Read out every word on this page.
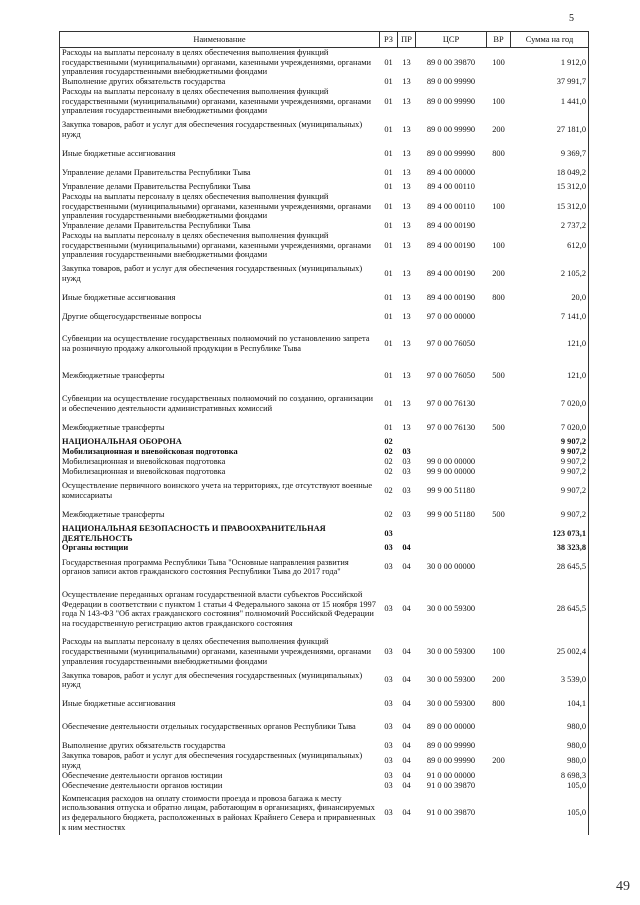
5
Наименование	РЗ	ПР	ЦСР	ВР	Сумма на год
Расходы на выплаты персоналу в целях обеспечения выполнения функций государственными (муниципальными) органами, казенными учреждениями, органами управления государственными внебюджетными фондами	01	13	89 0 00 39870	100	1 912,0
Выполнение других обязательств государства	01	13	89 0 00 99990		37 991,7
Расходы на выплаты персоналу в целях обеспечения выполнения функций государственными (муниципальными) органами, казенными учреждениями, органами управления государственными внебюджетными фондами	01	13	89 0 00 99990	100	1 441,0
Закупка товаров, работ и услуг для обеспечения государственных (муниципальных) нужд	01	13	89 0 00 99990	200	27 181,0
Иные бюджетные ассигнования	01	13	89 0 00 99990	800	9 369,7
Управление делами Правительства Республики Тыва	01	13	89 4 00 00000		18 049,2
Управление делами Правительства Республики Тыва	01	13	89 4 00 00110		15 312,0
Расходы на выплаты персоналу в целях обеспечения выполнения функций государственными (муниципальными) органами, казенными учреждениями, органами управления государственными внебюджетными фондами	01	13	89 4 00 00110	100	15 312,0
Управление делами Правительства Республики Тыва	01	13	89 4 00 00190		2 737,2
Расходы на выплаты персоналу в целях обеспечения выполнения функций государственными (муниципальными) органами, казенными учреждениями, органами управления государственными внебюджетными фондами	01	13	89 4 00 00190	100	612,0
Закупка товаров, работ и услуг для обеспечения государственных (муниципальных) нужд	01	13	89 4 00 00190	200	2 105,2
Иные бюджетные ассигнования	01	13	89 4 00 00190	800	20,0
Другие общегосударственные вопросы	01	13	97 0 00 00000		7 141,0
Субвенции на осуществление государственных полномочий по установлению запрета на розничную продажу алкогольной продукции в Республике Тыва	01	13	97 0 00 76050		121,0
Межбюджетные трансферты	01	13	97 0 00 76050	500	121,0
Субвенции на осуществление государственных полномочий по созданию, организации и обеспечению деятельности административных комиссий	01	13	97 0 00 76130		7 020,0
Межбюджетные трансферты	01	13	97 0 00 76130	500	7 020,0
НАЦИОНАЛЬНАЯ ОБОРОНА	02				9 907,2
Мобилизационная и вневойсковая подготовка	02	03			9 907,2
Мобилизационная и вневойсковая подготовка	02	03	99 0 00 00000		9 907,2
Мобилизационная и вневойсковая подготовка	02	03	99 9 00 00000		9 907,2
Осуществление первичного воинского учета на территориях, где отсутствуют военные комиссариаты	02	03	99 9 00 51180		9 907,2
Межбюджетные трансферты	02	03	99 9 00 51180	500	9 907,2
НАЦИОНАЛЬНАЯ БЕЗОПАСНОСТЬ И ПРАВООХРАНИТЕЛЬНАЯ ДЕЯТЕЛЬНОСТЬ	03				123 073,1
Органы юстиции	03	04			38 323,8
Государственная программа Республики Тыва "Основные направления развития органов записи актов гражданского состояния Республики Тыва до 2017 года"	03	04	30 0 00 00000		28 645,5
Осуществление переданных органам государственной власти субъектов Российской Федерации в соответствии с пунктом 1 статьи 4 Федерального закона от 15 ноября 1997 года N 143-ФЗ "Об актах гражданского состояния" полномочий Российской Федерации на государственную регистрацию актов гражданского состояния	03	04	30 0 00 59300		28 645,5
Расходы на выплаты персоналу в целях обеспечения выполнения функций государственными (муниципальными) органами, казенными учреждениями, органами управления государственными внебюджетными фондами	03	04	30 0 00 59300	100	25 002,4
Закупка товаров, работ и услуг для обеспечения государственных (муниципальных) нужд	03	04	30 0 00 59300	200	3 539,0
Иные бюджетные ассигнования	03	04	30 0 00 59300	800	104,1
Обеспечение деятельности отдельных государственных органов Республики Тыва	03	04	89 0 00 00000		980,0
Выполнение других обязательств государства	03	04	89 0 00 99990		980,0
Закупка товаров, работ и услуг для обеспечения государственных (муниципальных) нужд	03	04	89 0 00 99990	200	980,0
Обеспечение деятельности органов юстиции	03	04	91 0 00 00000		8 698,3
Обеспечение деятельности органов юстиции	03	04	91 0 00 39870		105,0
Компенсация расходов на оплату стоимости проезда и провоза багажа к месту использования отпуска и обратно лицам, работающим в организациях, финансируемых из федерального бюджета, расположенных в районах Крайнего Севера и приравненных к ним местностях	03	04	91 0 00 39870		105,0
49
